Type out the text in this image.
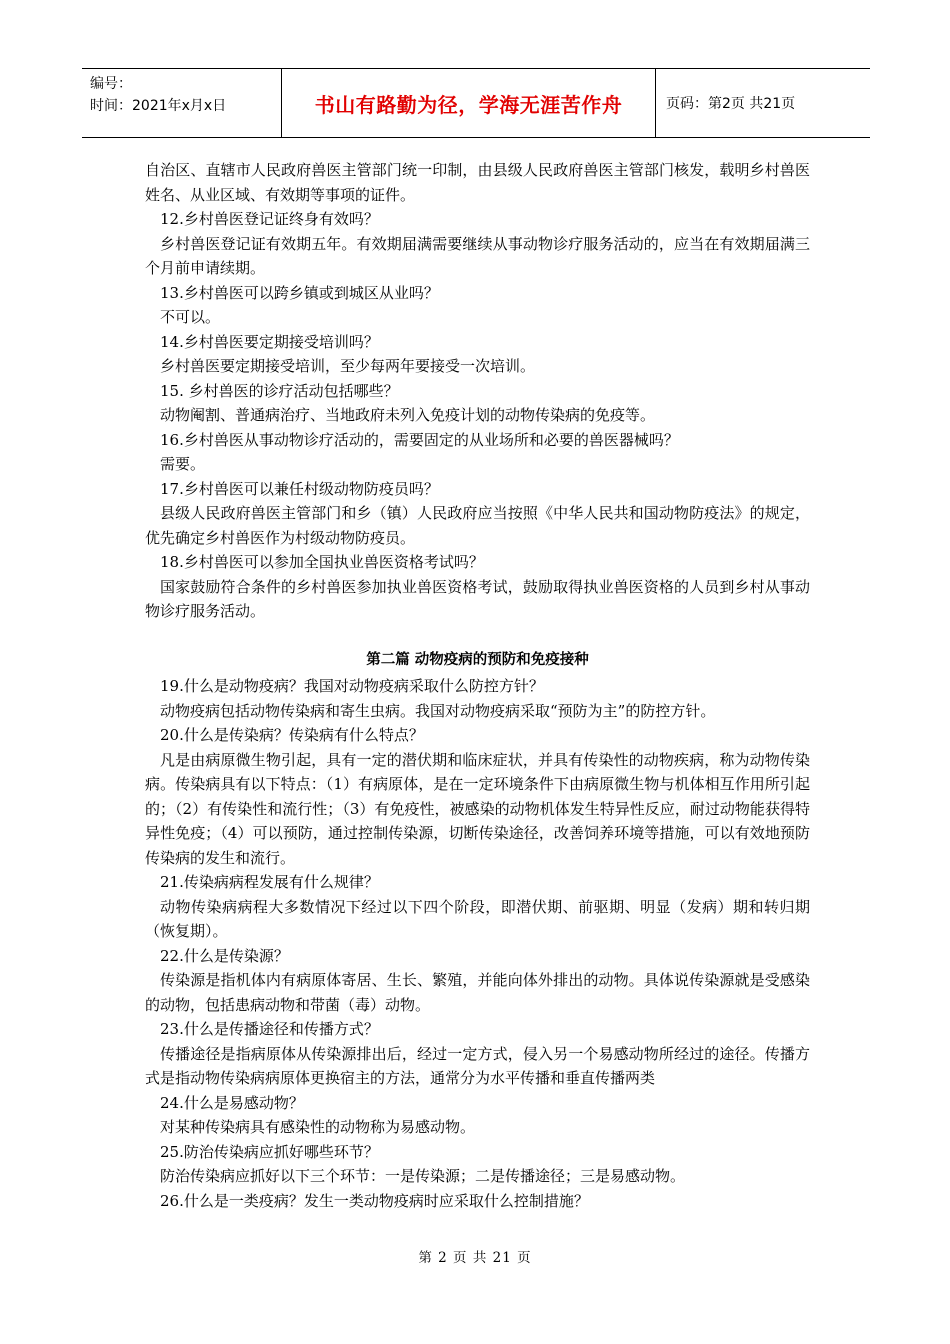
编号：
时间：2021年x月x日	书山有路勤为径，学海无涯苦作舟	页码：第2页 共21页

自治区、直辖市人民政府兽医主管部门统一印制，由县级人民政府兽医主管部门核发，载明乡村兽医姓名、从业区域、有效期等事项的证件。

12.乡村兽医登记证终身有效吗？

乡村兽医登记证有效期五年。有效期届满需要继续从事动物诊疗服务活动的，应当在有效期届满三个月前申请续期。

13.乡村兽医可以跨乡镇或到城区从业吗？

不可以。

14.乡村兽医要定期接受培训吗？

乡村兽医要定期接受培训，至少每两年要接受一次培训。

15. 乡村兽医的诊疗活动包括哪些？

动物阉割、普通病治疗、当地政府未列入免疫计划的动物传染病的免疫等。

16.乡村兽医从事动物诊疗活动的，需要固定的从业场所和必要的兽医器械吗？

需要。

17.乡村兽医可以兼任村级动物防疫员吗？

县级人民政府兽医主管部门和乡（镇）人民政府应当按照《中华人民共和国动物防疫法》的规定，优先确定乡村兽医作为村级动物防疫员。

18.乡村兽医可以参加全国执业兽医资格考试吗？

国家鼓励符合条件的乡村兽医参加执业兽医资格考试，鼓励取得执业兽医资格的人员到乡村从事动物诊疗服务活动。

第二篇 动物疫病的预防和免疫接种

19.什么是动物疫病？我国对动物疫病采取什么防控方针？

动物疫病包括动物传染病和寄生虫病。我国对动物疫病采取“预防为主”的防控方针。

20.什么是传染病？传染病有什么特点？

凡是由病原微生物引起，具有一定的潜伏期和临床症状，并具有传染性的动物疾病，称为动物传染病。传染病具有以下特点：（1）有病原体，是在一定环境条件下由病原微生物与机体相互作用所引起的；（2）有传染性和流行性；（3）有免疫性，被感染的动物机体发生特异性反应，耐过动物能获得特异性免疫；（4）可以预防，通过控制传染源，切断传染途径，改善饲养环境等措施，可以有效地预防传染病的发生和流行。

21.传染病病程发展有什么规律？

动物传染病病程大多数情况下经过以下四个阶段，即潜伏期、前驱期、明显（发病）期和转归期（恢复期）。

22.什么是传染源？

传染源是指机体内有病原体寄居、生长、繁殖，并能向体外排出的动物。具体说传染源就是受感染的动物，包括患病动物和带菌（毒）动物。

23.什么是传播途径和传播方式？

传播途径是指病原体从传染源排出后，经过一定方式，侵入另一个易感动物所经过的途径。传播方式是指动物传染病病原体更换宿主的方法，通常分为水平传播和垂直传播两类

24.什么是易感动物？

对某种传染病具有感染性的动物称为易感动物。

25.防治传染病应抓好哪些环节？

防治传染病应抓好以下三个环节：一是传染源；二是传播途径；三是易感动物。

26.什么是一类疫病？发生一类动物疫病时应采取什么控制措施？

第 2 页 共 21 页
